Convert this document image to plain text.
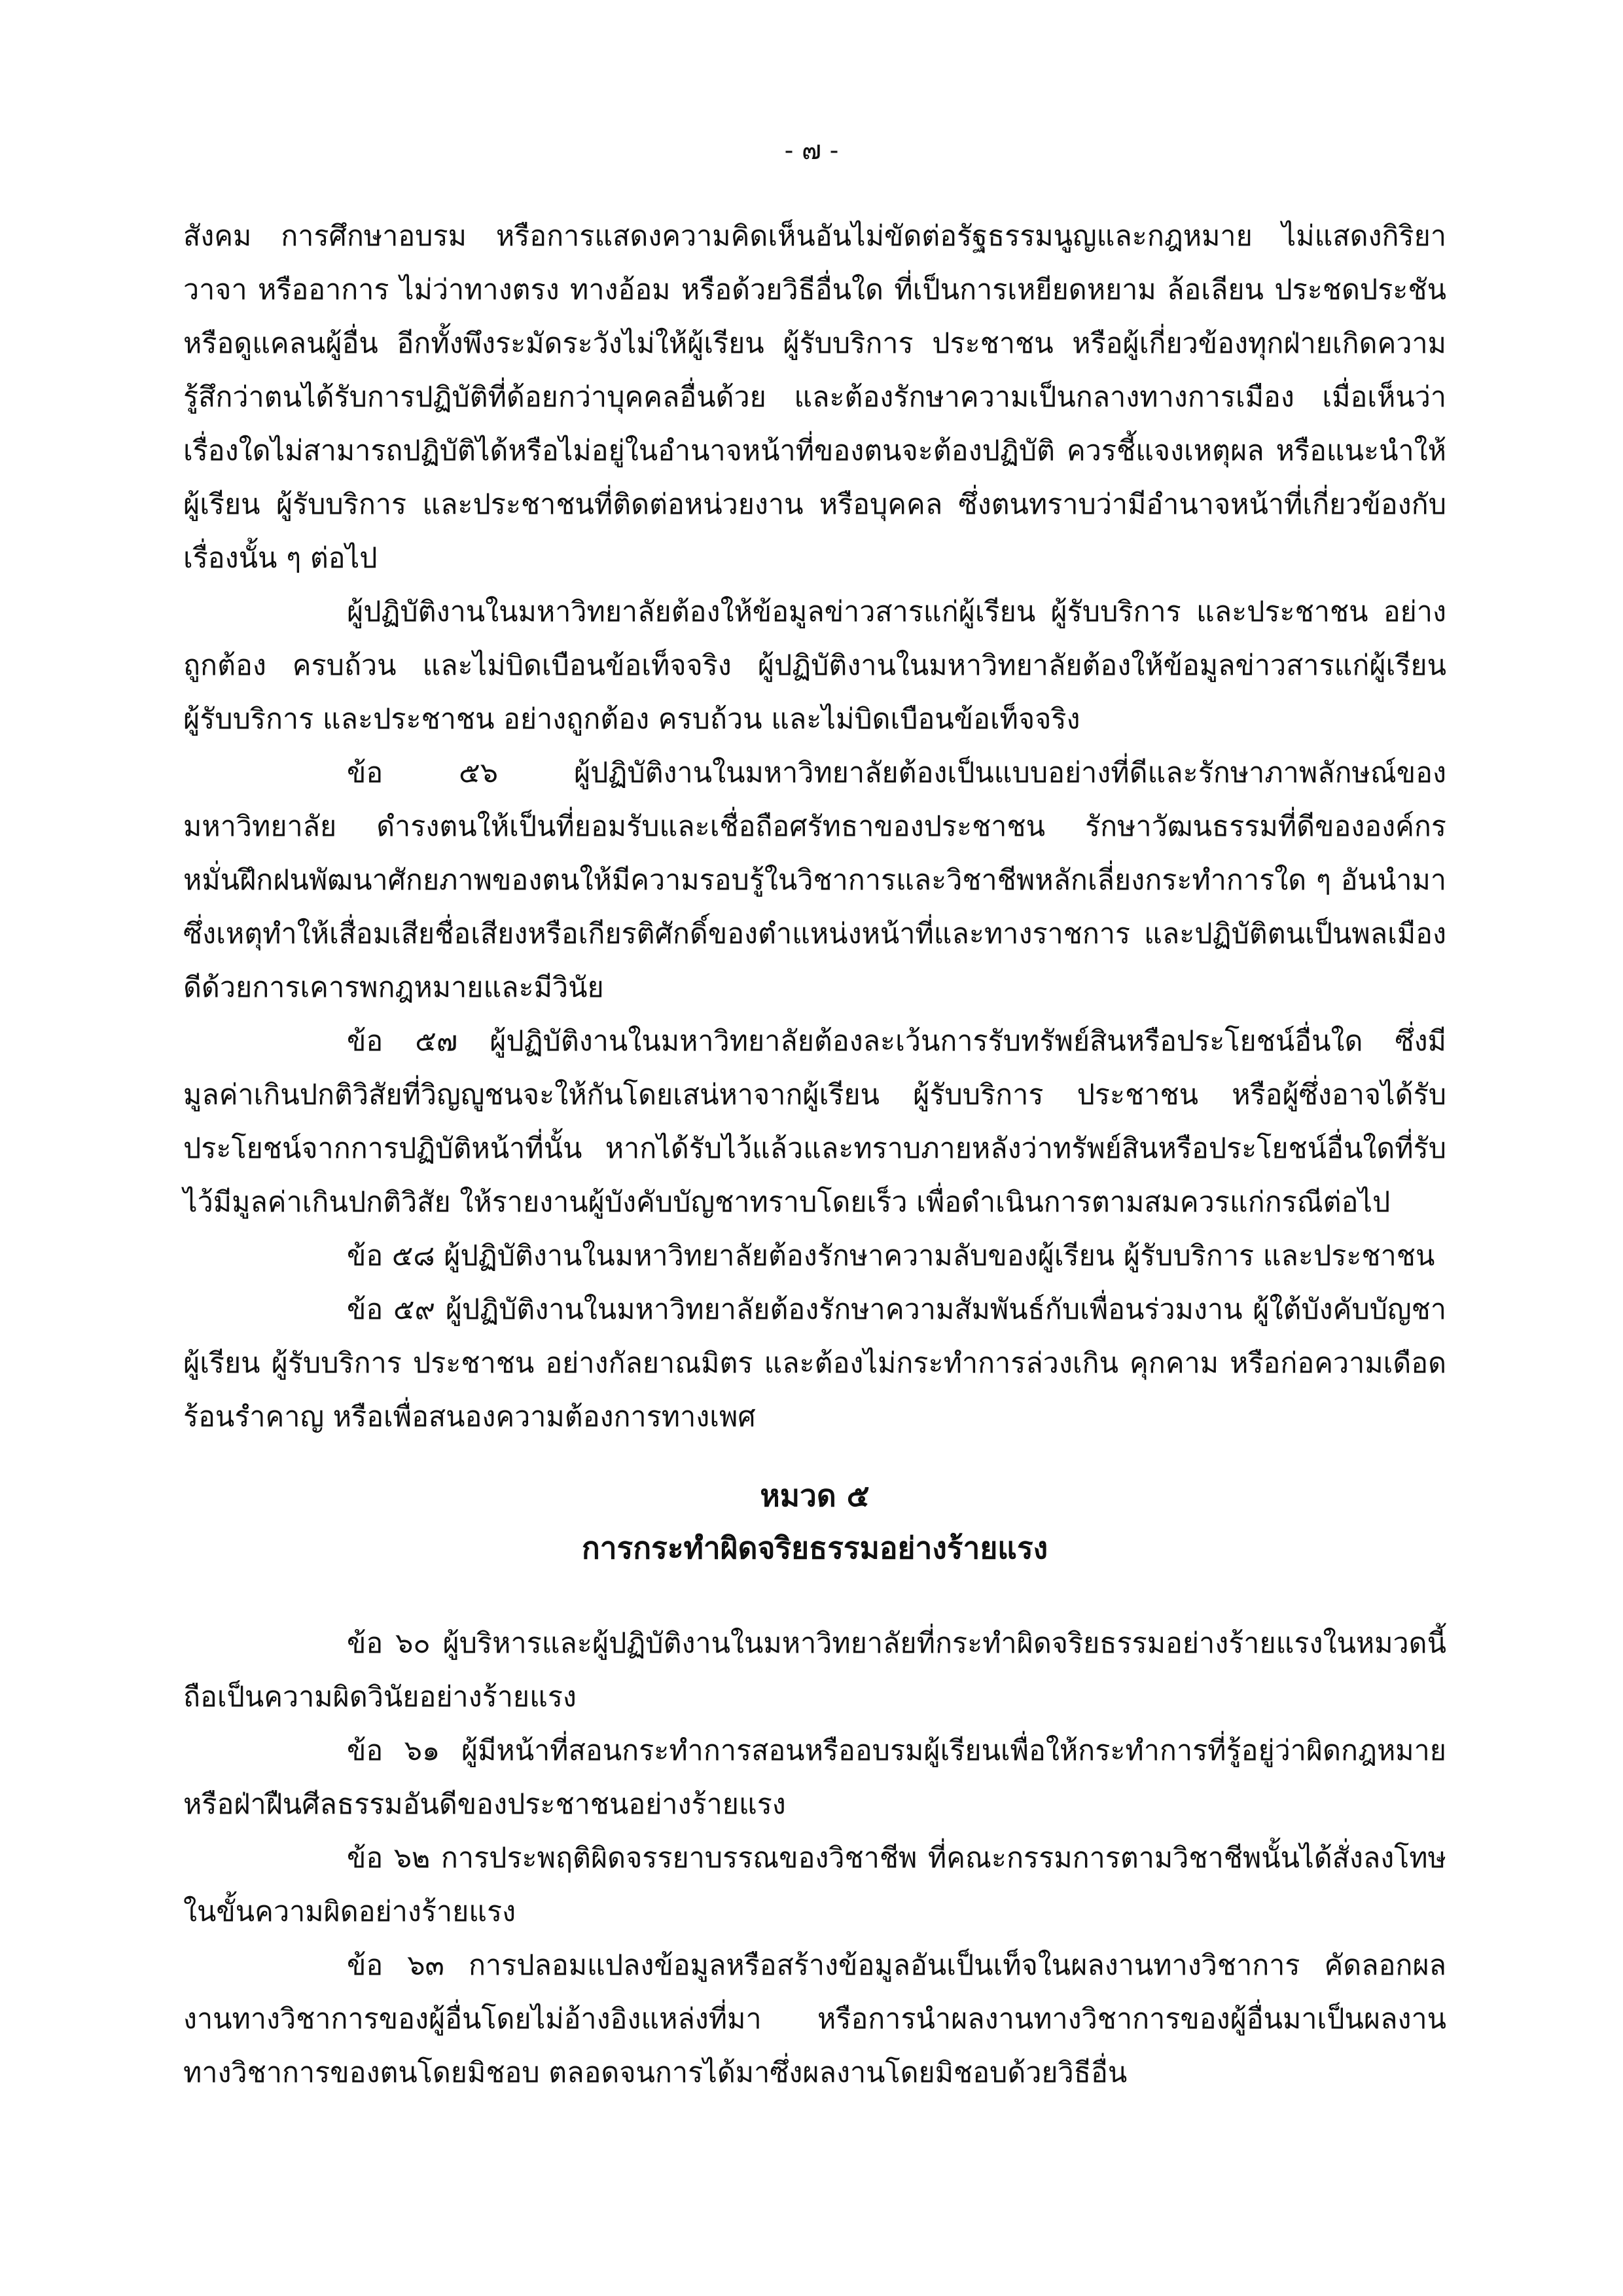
- ๗ -

สังคม การศึกษาอบรม หรือการแสดงความคิดเห็นอันไม่ขัดต่อรัฐธรรมนูญและกฎหมาย ไม่แสดงกิริยา วาจา หรืออาการ ไม่ว่าทางตรง ทางอ้อม หรือด้วยวิธีอื่นใด ที่เป็นการเหยียดหยาม ล้อเลียน ประชดประชัน หรือดูแคลนผู้อื่น อีกทั้งพึงระมัดระวังไม่ให้ผู้เรียน ผู้รับบริการ ประชาชน หรือผู้เกี่ยวข้องทุกฝ่ายเกิดความรู้สึกว่าตนได้รับการปฏิบัติที่ด้อยกว่าบุคคลอื่นด้วย และต้องรักษาความเป็นกลางทางการเมือง เมื่อเห็นว่าเรื่องใดไม่สามารถปฏิบัติได้หรือไม่อยู่ในอำนาจหน้าที่ของตนจะต้องปฏิบัติ ควรชี้แจงเหตุผล หรือแนะนำให้ผู้เรียน ผู้รับบริการ และประชาชนที่ติดต่อหน่วยงาน หรือบุคคล ซึ่งตนทราบว่ามีอำนาจหน้าที่เกี่ยวข้องกับเรื่องนั้น ๆ ต่อไป

ผู้ปฏิบัติงานในมหาวิทยาลัยต้องให้ข้อมูลข่าวสารแก่ผู้เรียน ผู้รับบริการ และประชาชน อย่างถูกต้อง ครบถ้วน และไม่บิดเบือนข้อเท็จจริง ผู้ปฏิบัติงานในมหาวิทยาลัยต้องให้ข้อมูลข่าวสารแก่ผู้เรียน ผู้รับบริการ และประชาชน อย่างถูกต้อง ครบถ้วน และไม่บิดเบือนข้อเท็จจริง

ข้อ ๕๖ ผู้ปฏิบัติงานในมหาวิทยาลัยต้องเป็นแบบอย่างที่ดีและรักษาภาพลักษณ์ของมหาวิทยาลัย ดำรงตนให้เป็นที่ยอมรับและเชื่อถือศรัทธาของประชาชน รักษาวัฒนธรรมที่ดีขององค์กร หมั่นฝึกฝนพัฒนาศักยภาพของตนให้มีความรอบรู้ในวิชาการและวิชาชีพหลักเลี่ยงกระทำการใด ๆ อันนำมาซึ่งเหตุทำให้เสื่อมเสียชื่อเสียงหรือเกียรติศักดิ์ของตำแหน่งหน้าที่และทางราชการ และปฏิบัติตนเป็นพลเมืองดีด้วยการเคารพกฎหมายและมีวินัย

ข้อ ๕๗ ผู้ปฏิบัติงานในมหาวิทยาลัยต้องละเว้นการรับทรัพย์สินหรือประโยชน์อื่นใด ซึ่งมีมูลค่าเกินปกติวิสัยที่วิญญูชนจะให้กันโดยเสน่หาจากผู้เรียน ผู้รับบริการ ประชาชน หรือผู้ซึ่งอาจได้รับประโยชน์จากการปฏิบัติหน้าที่นั้น หากได้รับไว้แล้วและทราบภายหลังว่าทรัพย์สินหรือประโยชน์อื่นใดที่รับไว้มีมูลค่าเกินปกติวิสัย ให้รายงานผู้บังคับบัญชาทราบโดยเร็ว เพื่อดำเนินการตามสมควรแก่กรณีต่อไป

ข้อ ๕๘ ผู้ปฏิบัติงานในมหาวิทยาลัยต้องรักษาความลับของผู้เรียน ผู้รับบริการ และประชาชน

ข้อ ๕๙ ผู้ปฏิบัติงานในมหาวิทยาลัยต้องรักษาความสัมพันธ์กับเพื่อนร่วมงาน ผู้ใต้บังคับบัญชา ผู้เรียน ผู้รับบริการ ประชาชน อย่างกัลยาณมิตร และต้องไม่กระทำการล่วงเกิน คุกคาม หรือก่อความเดือดร้อนรำคาญ หรือเพื่อสนองความต้องการทางเพศ

หมวด ๕
การกระทำผิดจริยธรรมอย่างร้ายแรง

ข้อ ๖๐ ผู้บริหารและผู้ปฏิบัติงานในมหาวิทยาลัยที่กระทำผิดจริยธรรมอย่างร้ายแรงในหมวดนี้ ถือเป็นความผิดวินัยอย่างร้ายแรง

ข้อ ๖๑ ผู้มีหน้าที่สอนกระทำการสอนหรืออบรมผู้เรียนเพื่อให้กระทำการที่รู้อยู่ว่าผิดกฎหมาย หรือฝ่าฝืนศีลธรรมอันดีของประชาชนอย่างร้ายแรง

ข้อ ๖๒ การประพฤติผิดจรรยาบรรณของวิชาชีพ ที่คณะกรรมการตามวิชาชีพนั้นได้สั่งลงโทษในขั้นความผิดอย่างร้ายแรง

ข้อ ๖๓ การปลอมแปลงข้อมูลหรือสร้างข้อมูลอันเป็นเท็จในผลงานทางวิชาการ คัดลอกผลงานทางวิชาการของผู้อื่นโดยไม่อ้างอิงแหล่งที่มา หรือการนำผลงานทางวิชาการของผู้อื่นมาเป็นผลงานทางวิชาการของตนโดยมิชอบ ตลอดจนการได้มาซึ่งผลงานโดยมิชอบด้วยวิธีอื่น
